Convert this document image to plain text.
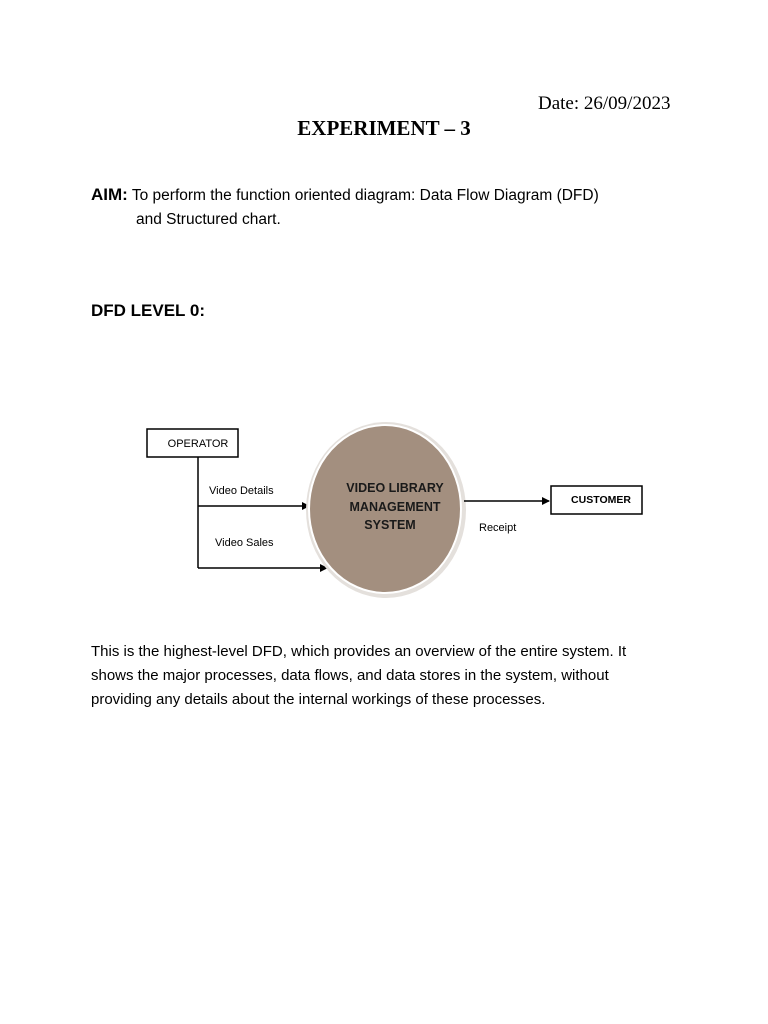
Date: 26/09/2023
EXPERIMENT – 3
AIM: To perform the function oriented diagram: Data Flow Diagram (DFD)
and Structured chart.
DFD LEVEL 0:
OPERATOR
Video Details
Video Sales
VIDEO LIBRARY
MANAGEMENT
SYSTEM	Receipt
CUSTOMER
This is the highest-level DFD, which provides an overview of the entire system. It
shows the major processes, data flows, and data stores in the system, without
providing any details about the internal workings of these processes.
